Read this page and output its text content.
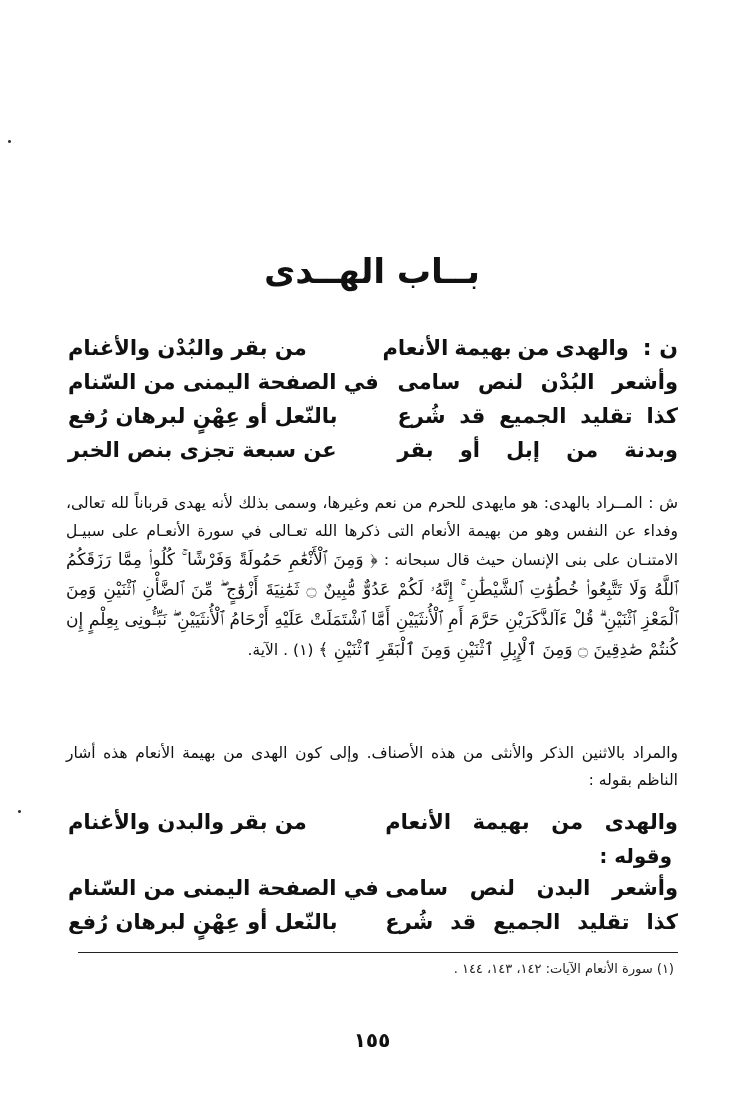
بــاب الهــدى
ن :
والهدى
من
بهيمة
الأنعام
من بقر والبُدْن والأغنام
وأشعر
البُدْن
لنص
سامى
في الصفحة اليمنى من السّنام
كذا
تقليد
الجميع
قد
شُرع
بالنّعل أو عِهْنٍ لبرهان رُفع
وبدنة
من
إبل
أو
بقر
عن سبعة تجزى بنص الخبر
ش : المــراد بالهدى: هو مايهدى للحرم من نعم وغيرها، وسمى بذلك لأنه يهدى قرباناً لله تعالى، وفداء عن النفس وهو من بهيمة الأنعام التى ذكرها الله تعـالى في سورة الأنعـام على سبيـل الامتنـان على بنى الإنسان حيث قال سبحانه : ﴿ وَمِنَ ٱلْأَنْعَٰمِ حَمُولَةً وَفَرْشًا ۚ كُلُوا۟ مِمَّا رَزَقَكُمُ ٱللَّهُ وَلَا تَتَّبِعُوا۟ خُطُوَٰتِ ٱلشَّيْطَٰنِ ۚ إِنَّهُۥ لَكُمْ عَدُوٌّ مُّبِينٌ ۝ ثَمَٰنِيَةَ أَزْوَٰجٍ ۖ مِّنَ ٱلضَّأْنِ ٱثْنَيْنِ وَمِنَ ٱلْمَعْزِ ٱثْنَيْنِ ۗ قُلْ ءَآلذَّكَرَيْنِ حَرَّمَ أَمِ ٱلْأُنثَيَيْنِ أَمَّا ٱشْتَمَلَتْ عَلَيْهِ أَرْحَامُ ٱلْأُنثَيَيْنِ ۖ نَبِّـُٔونِى بِعِلْمٍ إِن كُنتُمْ صَٰدِقِينَ ۝ وَمِنَ ٱلْإِبِلِ ٱثْنَيْنِ وَمِنَ ٱلْبَقَرِ ٱثْنَيْنِ ﴾ (١) . الآية.
والمراد بالاثنين الذكر والأنثى من هذه الأصناف. وإلى كون الهدى من بهيمة الأنعام هذه أشار الناظم بقوله :
والهدى
من
بهيمة
الأنعام
من بقر والبدن والأغنام
وقوله :
وأشعر
البدن
لنص
سامى
في الصفحة اليمنى من السّنام
كذا
تقليد
الجميع
قد
شُرع
بالنّعل أو عِهْنٍ لبرهان رُفع
(١) سورة الأنعام الآيات: ١٤٢، ١٤٣، ١٤٤ .
١٥٥
